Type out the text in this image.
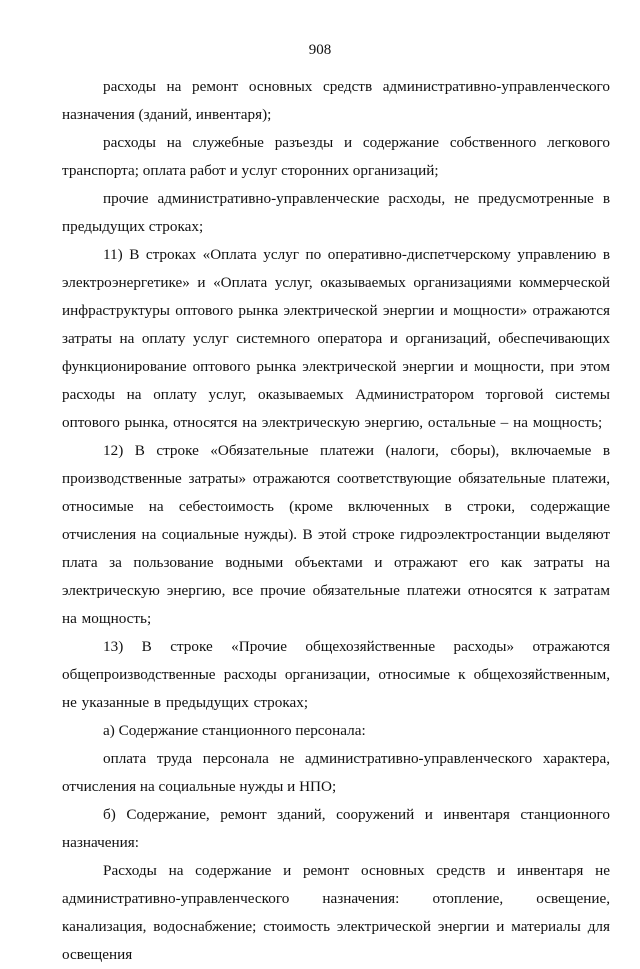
908

расходы на ремонт основных средств административно-управленческого назначения (зданий, инвентаря);

расходы на служебные разъезды и содержание собственного легкового транспорта; оплата работ и услуг сторонних организаций;

прочие административно-управленческие расходы, не предусмотренные в предыдущих строках;

11) В строках «Оплата услуг по оперативно-диспетчерскому управлению в электроэнергетике» и «Оплата услуг, оказываемых организациями коммерческой инфраструктуры оптового рынка электрической энергии и мощности» отражаются затраты на оплату услуг системного оператора и организаций, обеспечивающих функционирование оптового рынка электрической энергии и мощности, при этом расходы на оплату услуг, оказываемых Администратором торговой системы оптового рынка, относятся на электрическую энергию, остальные – на мощность;

12) В строке «Обязательные платежи (налоги, сборы), включаемые в производственные затраты» отражаются соответствующие обязательные платежи, относимые на себестоимость (кроме включенных в строки, содержащие отчисления на социальные нужды). В этой строке гидроэлектростанции выделяют плата за пользование водными объектами и отражают его как затраты на электрическую энергию, все прочие обязательные платежи относятся к затратам на мощность;

13) В строке «Прочие общехозяйственные расходы» отражаются общепроизводственные расходы организации, относимые к общехозяйственным, не указанные в предыдущих строках;

а) Содержание станционного персонала:

оплата труда персонала не административно-управленческого характера, отчисления на социальные нужды и НПО;

б) Содержание, ремонт зданий, сооружений и инвентаря станционного назначения:

Расходы на содержание и ремонт основных средств и инвентаря не административно-управленческого назначения: отопление, освещение, канализация, водоснабжение; стоимость электрической энергии и материалы для освещения
